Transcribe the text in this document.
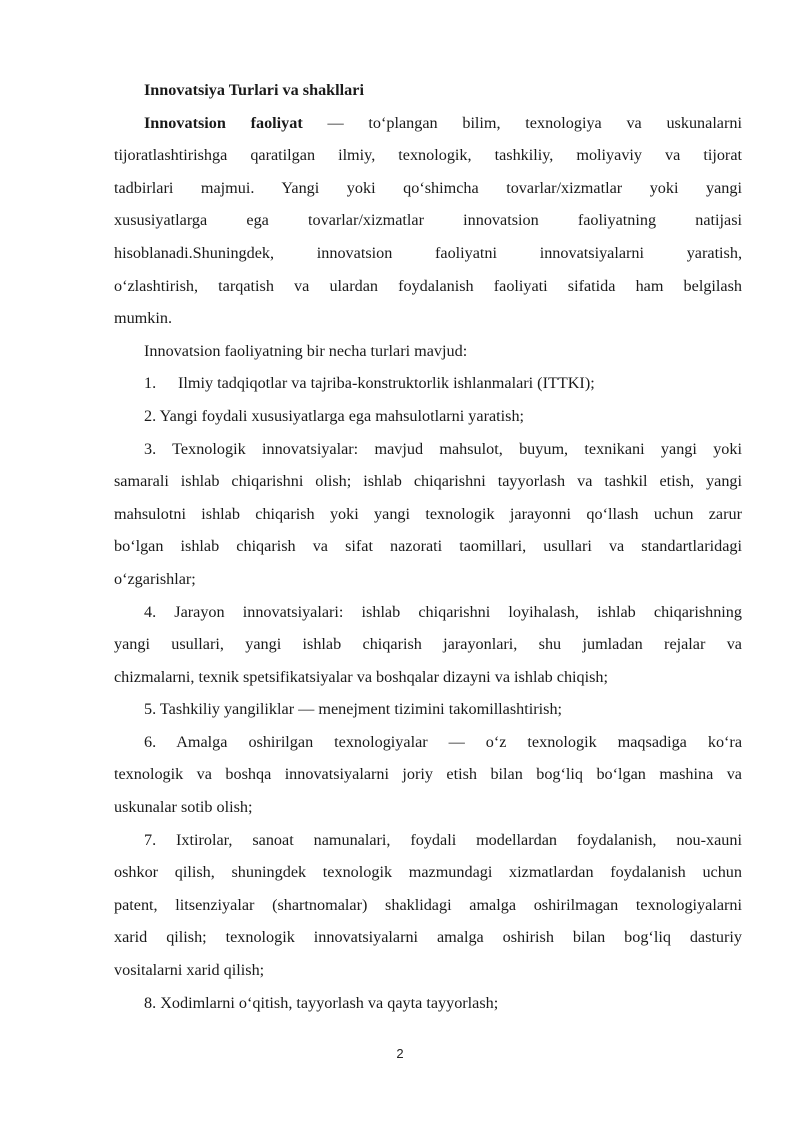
Innovatsiya Turlari va shakllari
Innovatsion faoliyat — to‘plangan bilim, texnologiya va uskunalarni
tijoratlashtirishga qaratilgan ilmiy, texnologik, tashkiliy, moliyaviy va tijorat
tadbirlari majmui. Yangi yoki qo‘shimcha tovarlar/xizmatlar yoki yangi
xususiyatlarga ega tovarlar/xizmatlar innovatsion faoliyatning natijasi
hisoblanadi.Shuningdek, innovatsion faoliyatni innovatsiyalarni yaratish,
o‘zlashtirish, tarqatish va ulardan foydalanish faoliyati sifatida ham belgilash
mumkin.
Innovatsion faoliyatning bir necha turlari mavjud:
1. Ilmiy tadqiqotlar va tajriba-konstruktorlik ishlanmalari (ITTKI);
2. Yangi foydali xususiyatlarga ega mahsulotlarni yaratish;
3. Texnologik innovatsiyalar: mavjud mahsulot, buyum, texnikani yangi yoki
samarali ishlab chiqarishni olish; ishlab chiqarishni tayyorlash va tashkil etish, yangi
mahsulotni ishlab chiqarish yoki yangi texnologik jarayonni qo‘llash uchun zarur
bo‘lgan ishlab chiqarish va sifat nazorati taomillari, usullari va standartlaridagi
o‘zgarishlar;
4. Jarayon innovatsiyalari: ishlab chiqarishni loyihalash, ishlab chiqarishning
yangi usullari, yangi ishlab chiqarish jarayonlari, shu jumladan rejalar va
chizmalarni, texnik spetsifikatsiyalar va boshqalar dizayni va ishlab chiqish;
5. Tashkiliy yangiliklar — menejment tizimini takomillashtirish;
6. Amalga oshirilgan texnologiyalar — o‘z texnologik maqsadiga ko‘ra
texnologik va boshqa innovatsiyalarni joriy etish bilan bog‘liq bo‘lgan mashina va
uskunalar sotib olish;
7. Ixtirolar, sanoat namunalari, foydali modellardan foydalanish, nou-xauni
oshkor qilish, shuningdek texnologik mazmundagi xizmatlardan foydalanish uchun
patent, litsenziyalar (shartnomalar) shaklidagi amalga oshirilmagan texnologiyalarni
xarid qilish; texnologik innovatsiyalarni amalga oshirish bilan bog‘liq dasturiy
vositalarni xarid qilish;
8. Xodimlarni o‘qitish, tayyorlash va qayta tayyorlash;
2
